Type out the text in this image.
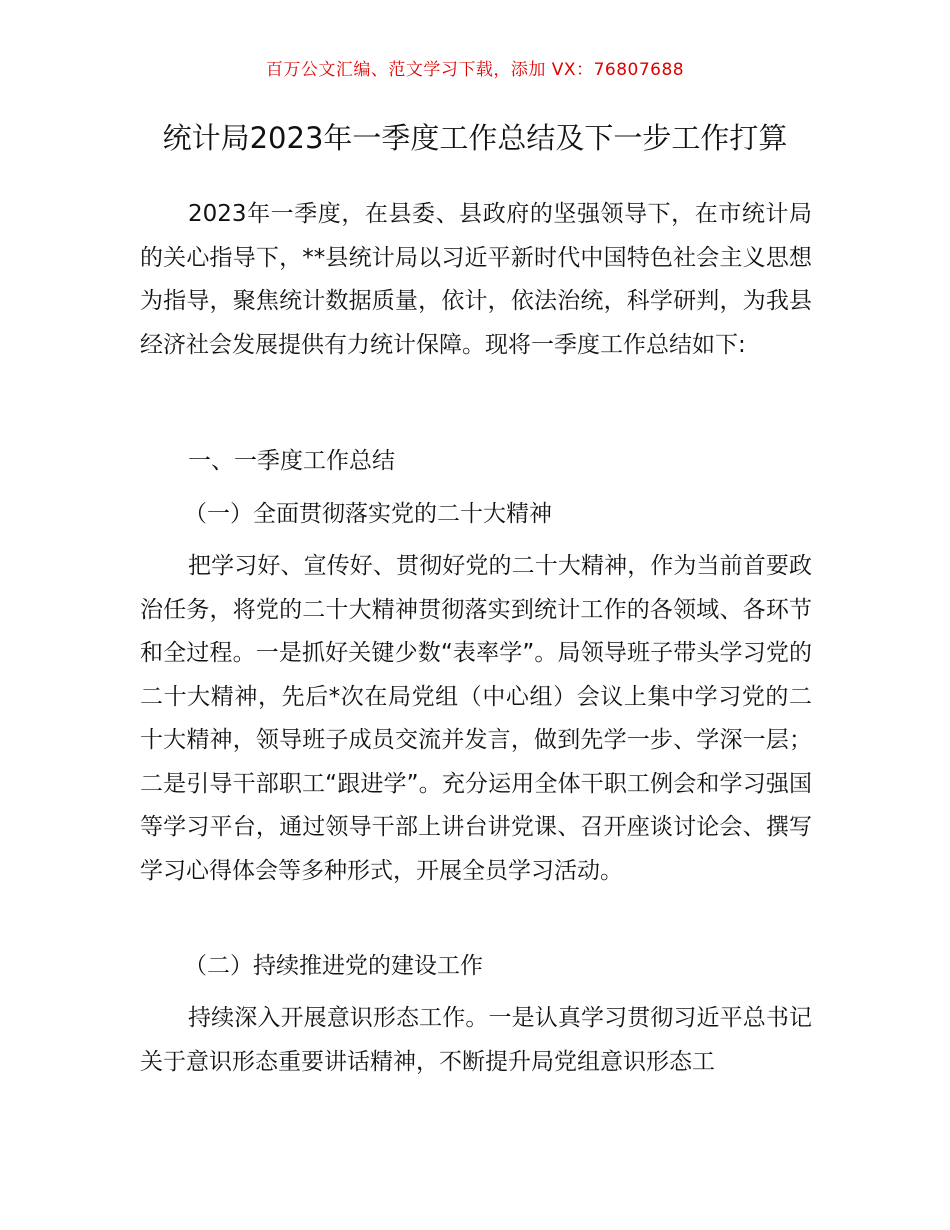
百万公文汇编、范文学习下载，添加 VX：76807688
统计局2023年一季度工作总结及下一步工作打算

2023年一季度，在县委、县政府的坚强领导下，在市统计局的关心指导下，**县统计局以习近平新时代中国特色社会主义思想为指导，聚焦统计数据质量，依计，依法治统，科学研判，为我县经济社会发展提供有力统计保障。现将一季度工作总结如下:

一、一季度工作总结

（一）全面贯彻落实党的二十大精神

把学习好、宣传好、贯彻好党的二十大精神，作为当前首要政治任务，将党的二十大精神贯彻落实到统计工作的各领域、各环节和全过程。一是抓好关键少数“表率学”。局领导班子带头学习党的二十大精神，先后*次在局党组（中心组）会议上集中学习党的二十大精神，领导班子成员交流并发言，做到先学一步、学深一层；二是引导干部职工“跟进学”。充分运用全体干职工例会和学习强国等学习平台，通过领导干部上讲台讲党课、召开座谈讨论会、撰写学习心得体会等多种形式，开展全员学习活动。

（二）持续推进党的建设工作

持续深入开展意识形态工作。一是认真学习贯彻习近平总书记关于意识形态重要讲话精神，不断提升局党组意识形态工
